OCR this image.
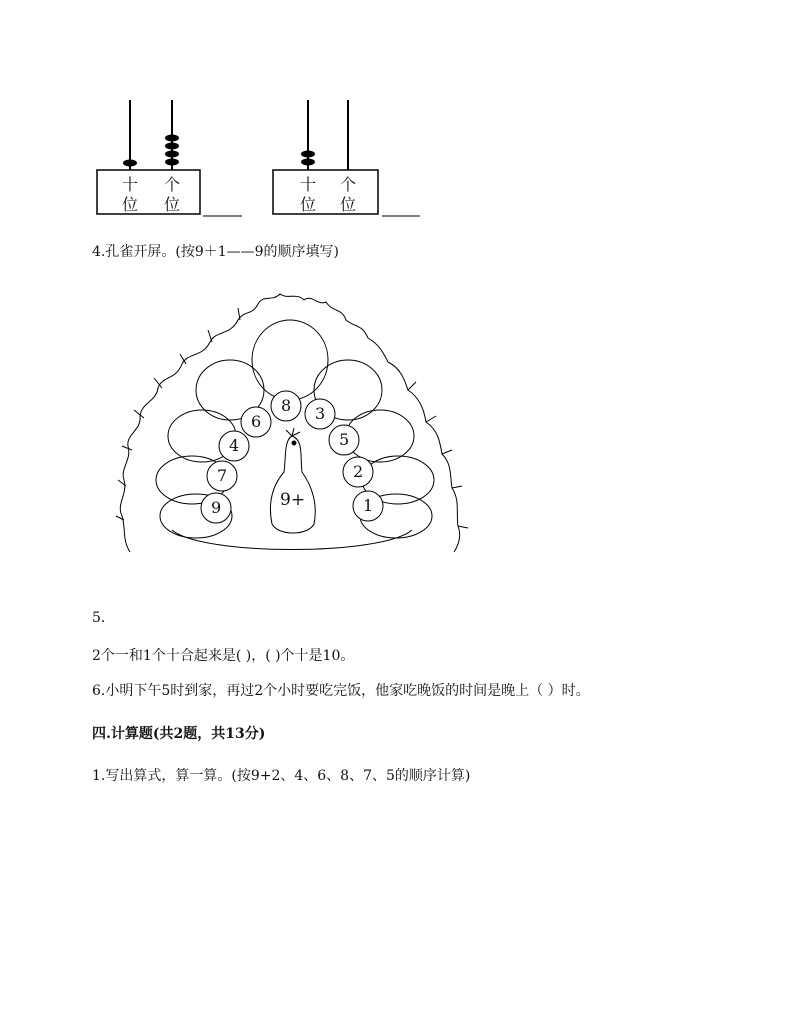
十 个
位 位
十 个
位 位
4.孔雀开屏。(按9＋1——9的顺序填写)
8
6	3
4	5
7	2
9	1
9+
5.
2个一和1个十合起来是( )，( )个十是10。
6.小明下午5时到家，再过2个小时要吃完饭，他家吃晚饭的时间是晚上（ ）时。
四.计算题(共2题，共13分)
1.写出算式，算一算。(按9+2、4、6、8、7、5的顺序计算)
